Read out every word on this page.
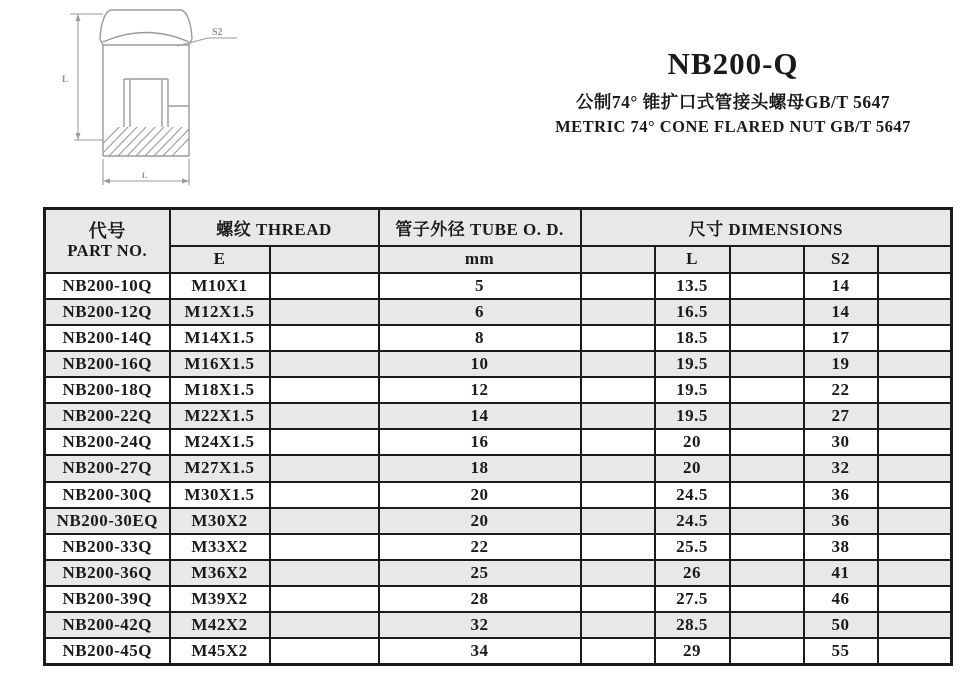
S2
L
L
NB200-Q
公制74° 锥扩口式管接头螺母GB/T 5647
METRIC 74° CONE FLARED NUT GB/T 5647
代号
PART NO.	螺纹 THREAD		管子外径 TUBE O. D.	尺寸 DIMENSIONS				
	E		mm		L		S2	
NB200-10Q	M10X1		5		13.5		14	
NB200-12Q	M12X1.5		6		16.5		14	
NB200-14Q	M14X1.5		8		18.5		17	
NB200-16Q	M16X1.5		10		19.5		19	
NB200-18Q	M18X1.5		12		19.5		22	
NB200-22Q	M22X1.5		14		19.5		27	
NB200-24Q	M24X1.5		16		20		30	
NB200-27Q	M27X1.5		18		20		32	
NB200-30Q	M30X1.5		20		24.5		36	
NB200-30EQ	M30X2		20		24.5		36	
NB200-33Q	M33X2		22		25.5		38	
NB200-36Q	M36X2		25		26		41	
NB200-39Q	M39X2		28		27.5		46	
NB200-42Q	M42X2		32		28.5		50	
NB200-45Q	M45X2		34		29		55	
